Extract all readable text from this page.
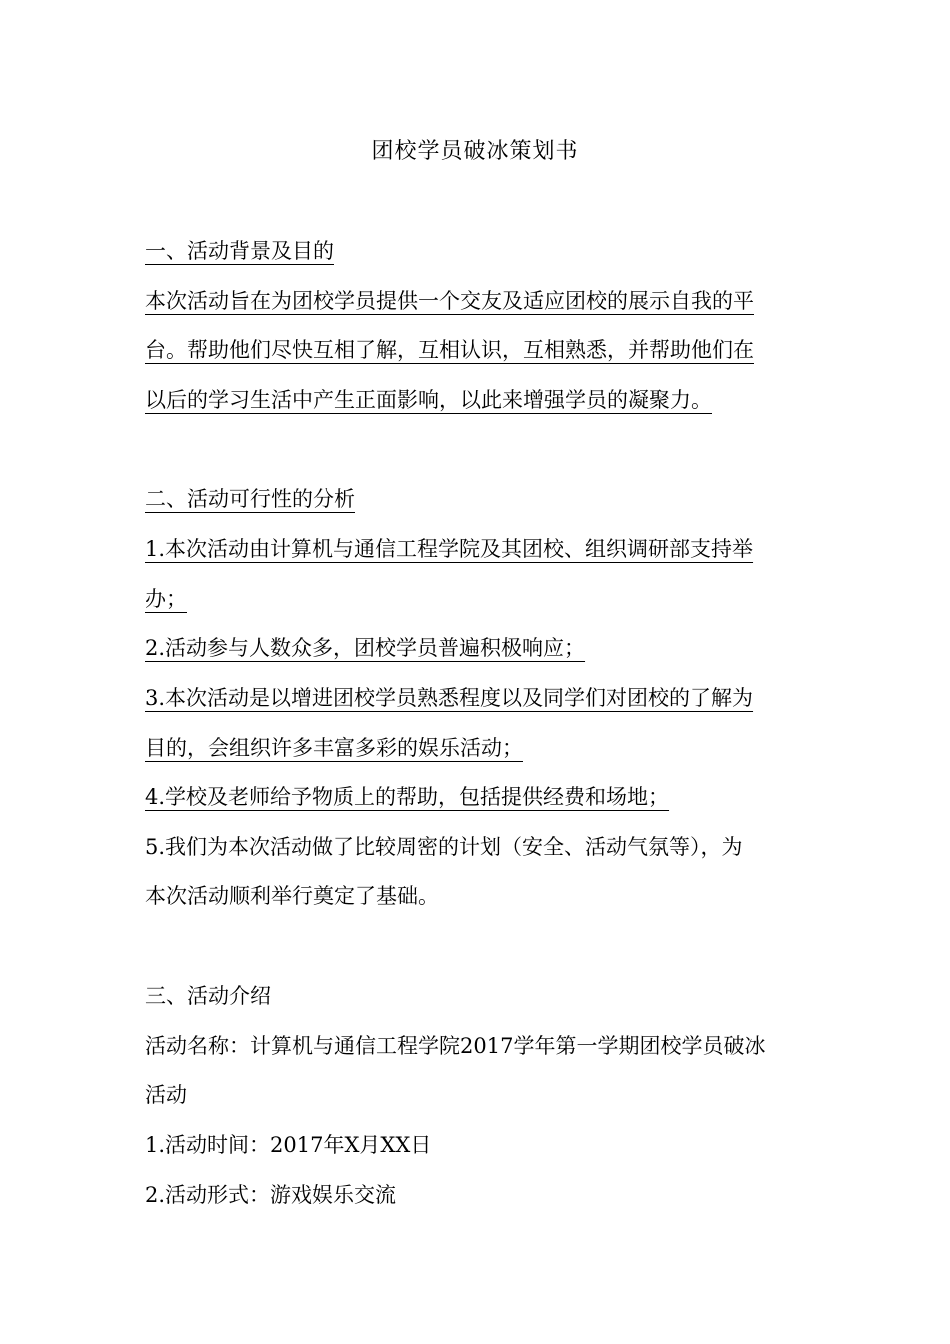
团校学员破冰策划书
一、活动背景及目的
本次活动旨在为团校学员提供一个交友及适应团校的展示自我的平
台。帮助他们尽快互相了解，互相认识，互相熟悉，并帮助他们在
以后的学习生活中产生正面影响，以此来增强学员的凝聚力。
二、活动可行性的分析
1.本次活动由计算机与通信工程学院及其团校、组织调研部支持举
办；
2.活动参与人数众多，团校学员普遍积极响应；
3.本次活动是以增进团校学员熟悉程度以及同学们对团校的了解为
目的，会组织许多丰富多彩的娱乐活动；
4.学校及老师给予物质上的帮助，包括提供经费和场地；
5.我们为本次活动做了比较周密的计划（安全、活动气氛等），为
本次活动顺利举行奠定了基础。
三、活动介绍
活动名称：计算机与通信工程学院2017学年第一学期团校学员破冰
活动
1.活动时间：2017年X月XX日
2.活动形式：游戏娱乐交流
